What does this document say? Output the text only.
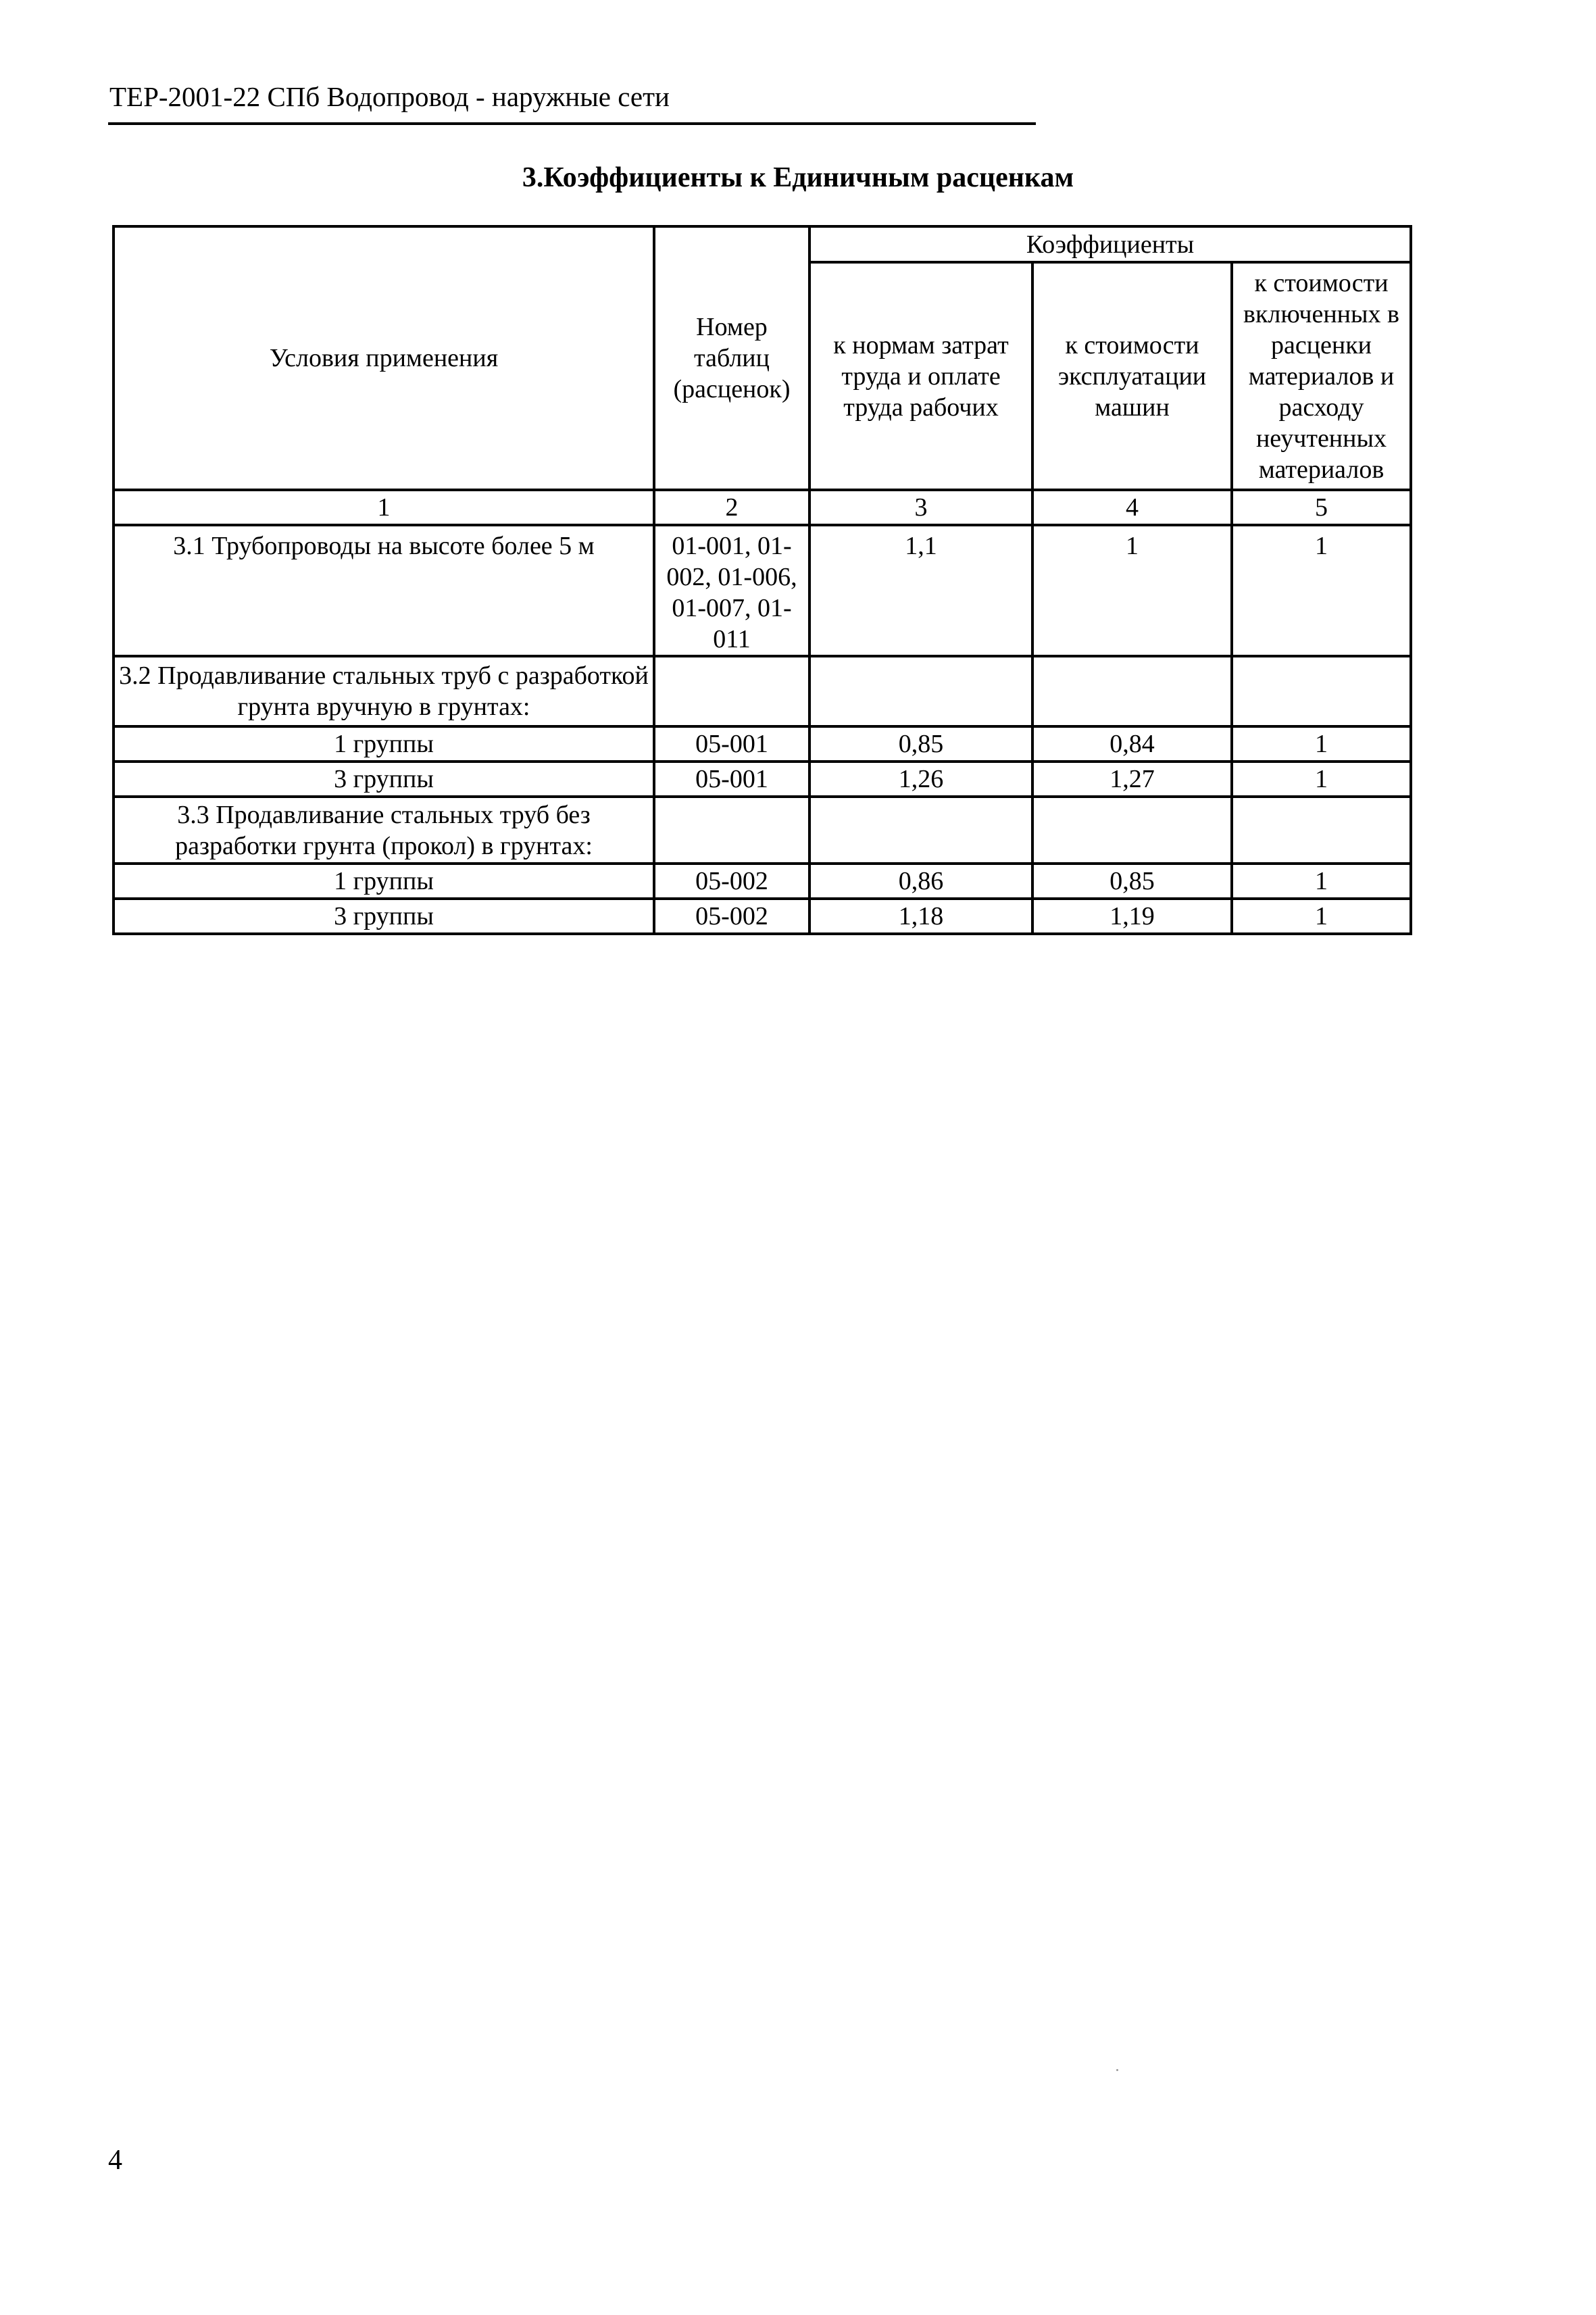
ТЕР-2001-22 СПб Водопровод - наружные сети
3.Коэффициенты к Единичным расценкам
Условия применения	Номер таблиц (расценок)	Коэффициенты		
		к нормам затрат труда и оплате труда рабочих	к стоимости эксплуатации машин	к стоимости включенных в расценки материалов и расходу неучтенных материалов
1	2	3	4	5
3.1 Трубопроводы на высоте более 5 м	01-001, 01-002, 01-006, 01-007, 01-011	1,1	1	1
3.2 Продавливание стальных труб с разработкой грунта вручную в грунтах:				
1 группы	05-001	0,85	0,84	1
3 группы	05-001	1,26	1,27	1
3.3 Продавливание стальных труб без разработки грунта (прокол) в грунтах:				
1 группы	05-002	0,86	0,85	1
3 группы	05-002	1,18	1,19	1
4
